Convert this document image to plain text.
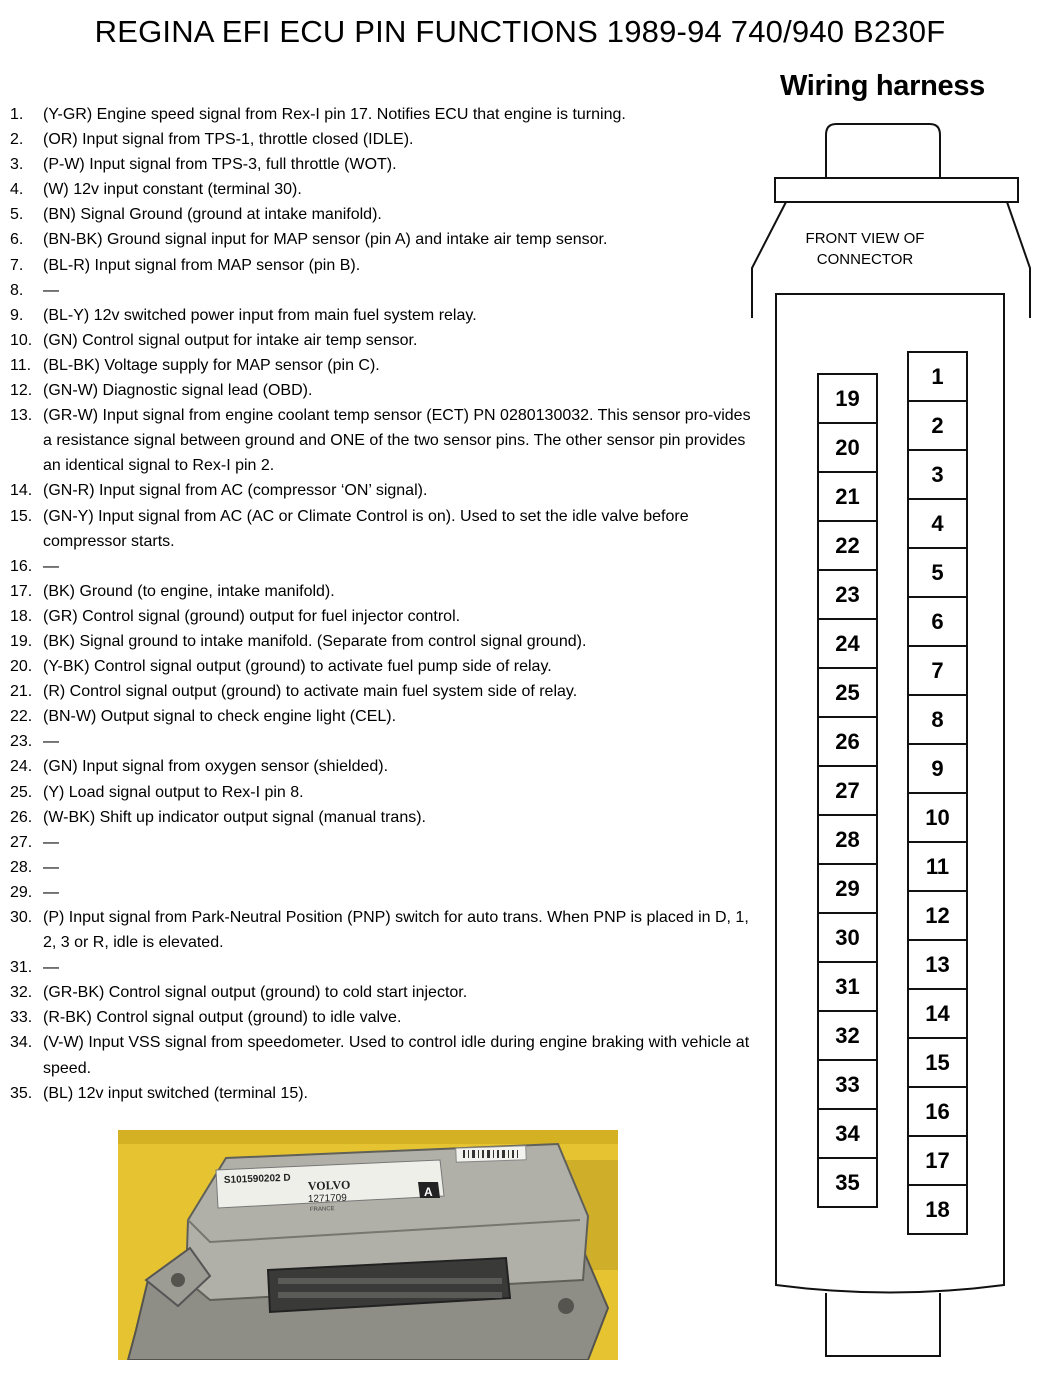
REGINA EFI ECU PIN FUNCTIONS 1989-94 740/940 B230F
1.	(Y-GR) Engine speed signal from Rex-I pin 17. Notifies ECU that engine is turning.
2.	(OR) Input signal from TPS-1, throttle closed (IDLE).
3.	(P-W) Input signal from TPS-3, full throttle (WOT).
4.	(W) 12v input constant (terminal 30).
5.	(BN) Signal Ground (ground at intake manifold).
6.	(BN-BK) Ground signal input for MAP sensor (pin A) and intake air temp sensor.
7.	(BL-R) Input signal from MAP sensor (pin B).
8.	—
9.	(BL-Y) 12v switched power input from main fuel system relay.
10. (GN) Control signal output for intake air temp sensor.
11. (BL-BK) Voltage supply for MAP sensor (pin C).
12. (GN-W) Diagnostic signal lead (OBD).
13. (GR-W) Input signal from engine coolant temp sensor (ECT) PN 0280130032. This sensor pro-vides a resistance signal between ground and ONE of the two sensor pins. The other sensor pin provides an identical signal to Rex-I pin 2.
14. (GN-R) Input signal from AC (compressor ‘ON’ signal).
15. (GN-Y) Input signal from AC (AC or Climate Control is on). Used to set the idle valve before compressor starts.
16. —
17. (BK) Ground (to engine, intake manifold).
18. (GR) Control signal (ground) output for fuel injector control.
19. (BK) Signal ground to intake manifold. (Separate from control signal ground).
20. (Y-BK) Control signal output (ground) to activate fuel pump side of relay.
21. (R) Control signal output (ground) to activate main fuel system side of relay.
22. (BN-W) Output signal to check engine light (CEL).
23. —
24. (GN) Input signal from oxygen sensor (shielded).
25. (Y) Load signal output to Rex-I pin 8.
26. (W-BK) Shift up indicator output signal (manual trans).
27. —
28. —
29. —
30. (P) Input signal from Park-Neutral Position (PNP) switch for auto trans. When PNP is placed in D, 1, 2, 3 or R, idle is elevated.
31. —
32. (GR-BK) Control signal output (ground) to cold start injector.
33. (R-BK) Control signal output (ground) to idle valve.
34. (V-W) Input VSS signal from speedometer. Used to control idle during engine braking with vehicle at speed.
35. (BL) 12v input switched (terminal 15).
Wiring harness
FRONT VIEW OF
CONNECTOR
19
20
21
22
23
24
25
26
27
28
29
30
31
32
33
34
35
1
2
3
4
5
6
7
8
9
10
11
12
13
14
15
16
17
18
S101590202 D VOLVO
1271709	A
FRANCE
